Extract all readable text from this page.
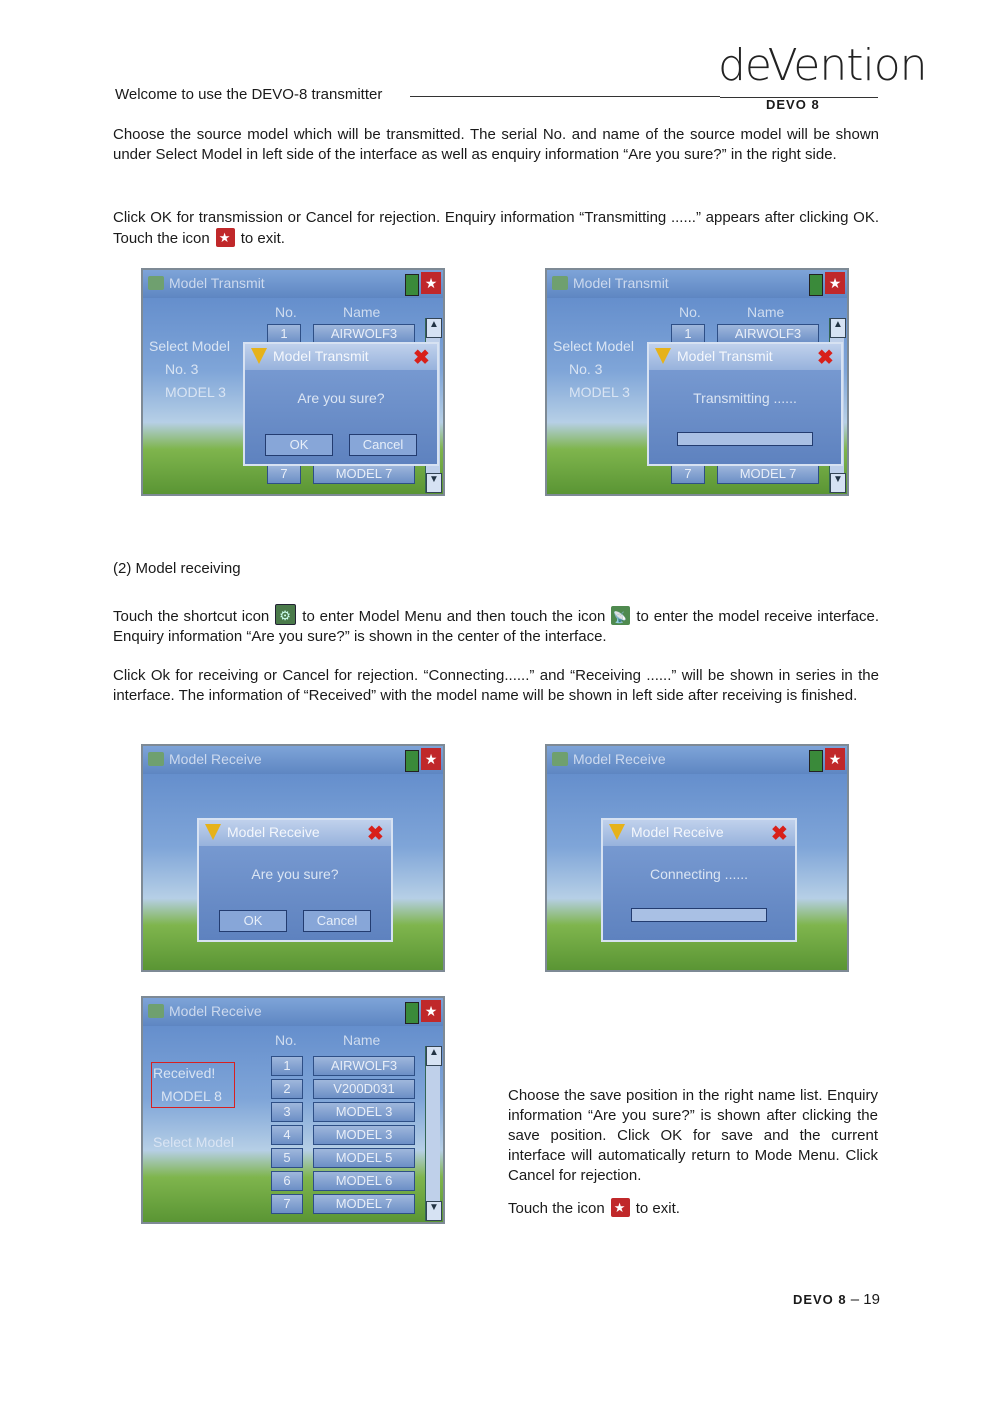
Welcome to use the DEVO-8 transmitter
deVention
DEVO 8

Choose the source model which will be transmitted. The serial No. and name of the source model will be shown under Select Model in left side of the interface as well as enquiry information “Are you sure?” in the right side.

Click OK for transmission or Cancel for rejection. Enquiry information “Transmitting ......” appears after clicking OK. Touch the icon ★ to exit.

Model Transmit	★
No.	Name
Select Model
No. 3
MODEL 3
1	AIRWOLF3
7	MODEL 7
▲
▼
Model Transmit ✖
Are you sure?
OK	Cancel
Model Transmit	★
No.	Name
Select Model
No. 3
MODEL 3
1	AIRWOLF3
7	MODEL 7
▲
▼
Model Transmit ✖
Transmitting ......
(2) Model receiving

Touch the shortcut icon ⚙ to enter Model Menu and then touch the icon 📡 to enter the model receive interface. Enquiry information “Are you sure?” is shown in the center of the interface.

Click Ok for receiving or Cancel for rejection. “Connecting......” and “Receiving ......” will be shown in series in the interface. The information of “Received” with the model name will be shown in left side after receiving is finished.

Model Receive	★
Model Receive ✖
Are you sure?
OK	Cancel
Model Receive	★
Model Receive ✖
Connecting ......
Model Receive	★
No.	Name
Received!
MODEL 8
Select Model
1	AIRWOLF3
2	V200D031
3	MODEL 3
4	MODEL 3
5	MODEL 5
6	MODEL 6
7	MODEL 7
▲
▼

Choose the save position in the right name list. Enquiry information “Are you sure?” is shown after clicking the save position. Click OK for save and the current interface will automatically return to Mode Menu. Click Cancel for rejection.

Touch the icon ★ to exit.

DEVO 8 – 19
